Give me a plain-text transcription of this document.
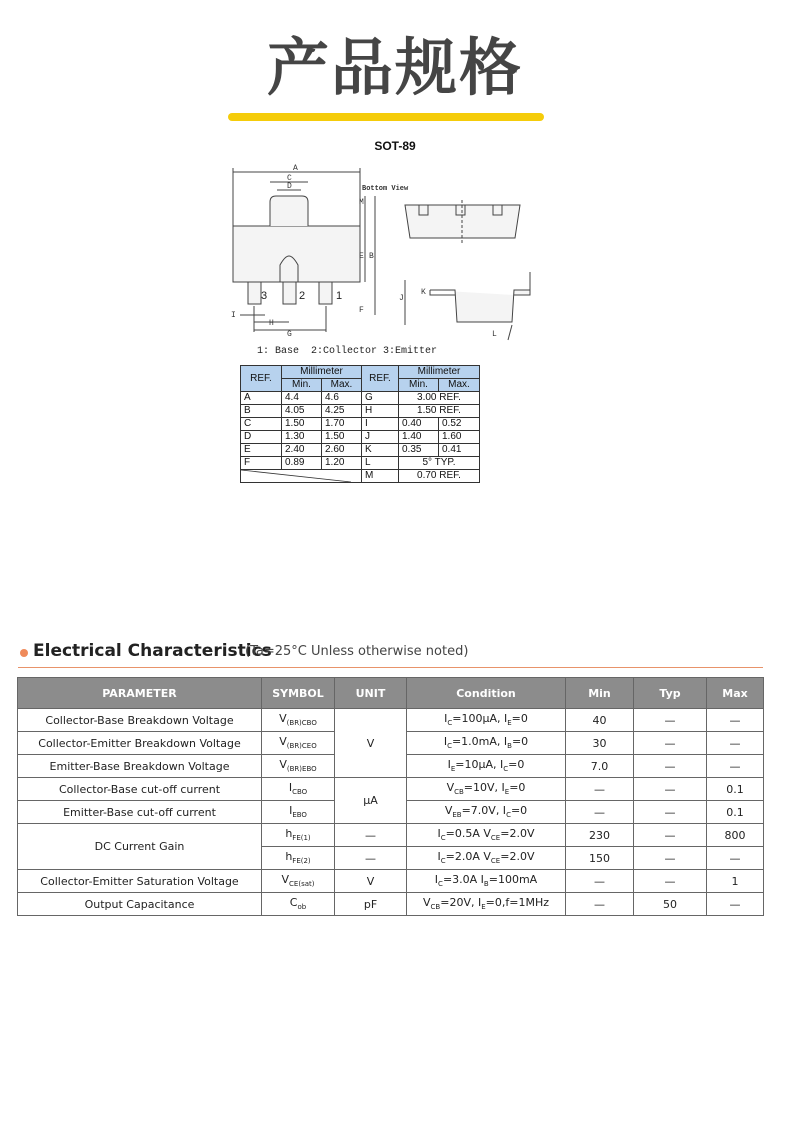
产品规格
SOT-89
A
C
D
M
E B
I
H
G
J
K
F
L
Bottom View
3	2	1
1: Base  2:Collector 3:Emitter
REF.	Millimeter		REF.	Millimeter	
	Min.	Max.		Min.	Max.
A	4.4	4.6	G	3.00 REF.	
B	4.05	4.25	H	1.50 REF.	
C	1.50	1.70	I	0.40	0.52
D	1.30	1.50	J	1.40	1.60
E	2.40	2.60	K	0.35	0.41
F	0.89	1.20	L	5° TYP.	

	M	0.70 REF.	
Electrical Characteristics
(Ta=25°C Unless otherwise noted)
PARAMETER	SYMBOL	UNIT	Condition	Min	Typ	Max
Collector-Base Breakdown Voltage	$V_{(BR)CBO}$	V	$I_C=100\mu A$, $I_E=0$	40	—	—
Collector-Emitter Breakdown Voltage	$V_{(BR)CEO}$		$I_C=1.0mA$, $I_B=0$	30	—	—
Emitter-Base Breakdown Voltage	$V_{(BR)EBO}$		$I_E=10\mu A$, $I_C=0$	7.0	—	—
Collector-Base cut-off current	$I_{CBO}$	μA	$V_{CB}=10V$, $I_E=0$	—	—	0.1
Emitter-Base cut-off current	$I_{EBO}$		$V_{EB}=7.0V$, $I_C=0$	—	—	0.1
DC Current Gain	$h_{FE(1)}$	—	$I_C=0.5A$ $V_{CE}=2.0V$	230	—	800
	$h_{FE(2)}$	—	$I_C=2.0A$ $V_{CE}=2.0V$	150	—	—
Collector-Emitter Saturation Voltage	$V_{CE(sat)}$	V	$I_C=3.0A$ $I_B=100mA$	—	—	1
Output Capacitance	$C_{ob}$	pF	$V_{CB}=20V$, $I_E=0,f=1MHz$	—	50	—
